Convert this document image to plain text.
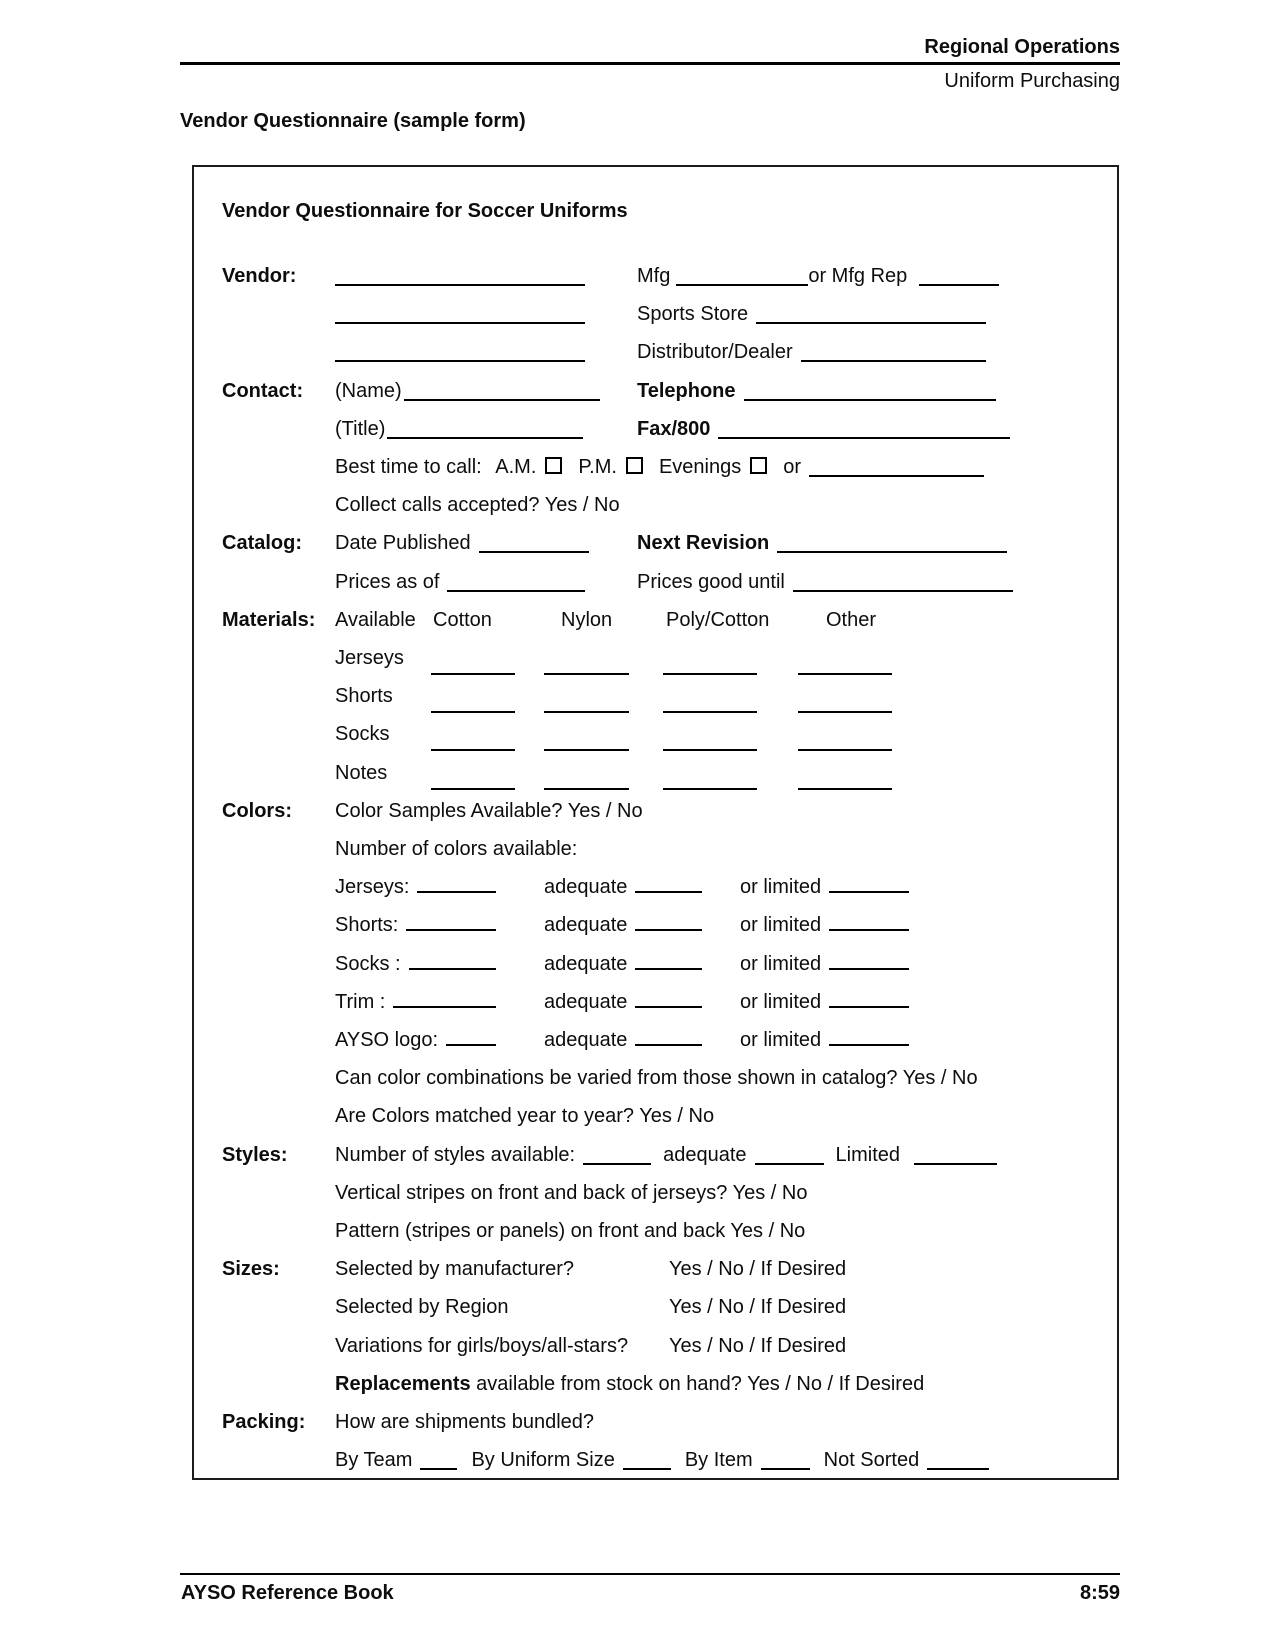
Regional Operations
Uniform Purchasing
Vendor Questionnaire (sample form)
Vendor Questionnaire for Soccer Uniforms
Vendor:	Mfg	or Mfg Rep
Sports Store
Distributor/Dealer
Contact: (Name)	Telephone
(Title)	Fax/800
Best time to call: A.M. P.M. Evenings or
Collect calls accepted? Yes / No
Catalog: Date Published	Next Revision
Prices as of	Prices good until
Materials: Available Cotton	Nylon	Poly/Cotton	Other
Jerseys
Shorts
Socks
Notes
Colors: Color Samples Available? Yes / No
Number of colors available:
Jerseys:	adequate	or limited
Shorts:	adequate	or limited
Socks :	adequate	or limited
Trim :	adequate	or limited
AYSO logo:	adequate	or limited
Can color combinations be varied from those shown in catalog? Yes / No
Are Colors matched year to year? Yes / No
Styles: Number of styles available:	adequate	Limited
Vertical stripes on front and back of jerseys? Yes / No
Pattern (stripes or panels) on front and back Yes / No
Sizes:	Selected by manufacturer?	Yes / No / If Desired
Selected by Region	Yes / No / If Desired
Variations for girls/boys/all-stars? Yes / No / If Desired
Replacements available from stock on hand? Yes / No / If Desired
Packing: How are shipments bundled?
By Team	By Uniform Size	By Item	Not Sorted
AYSO Reference Book	8:59
